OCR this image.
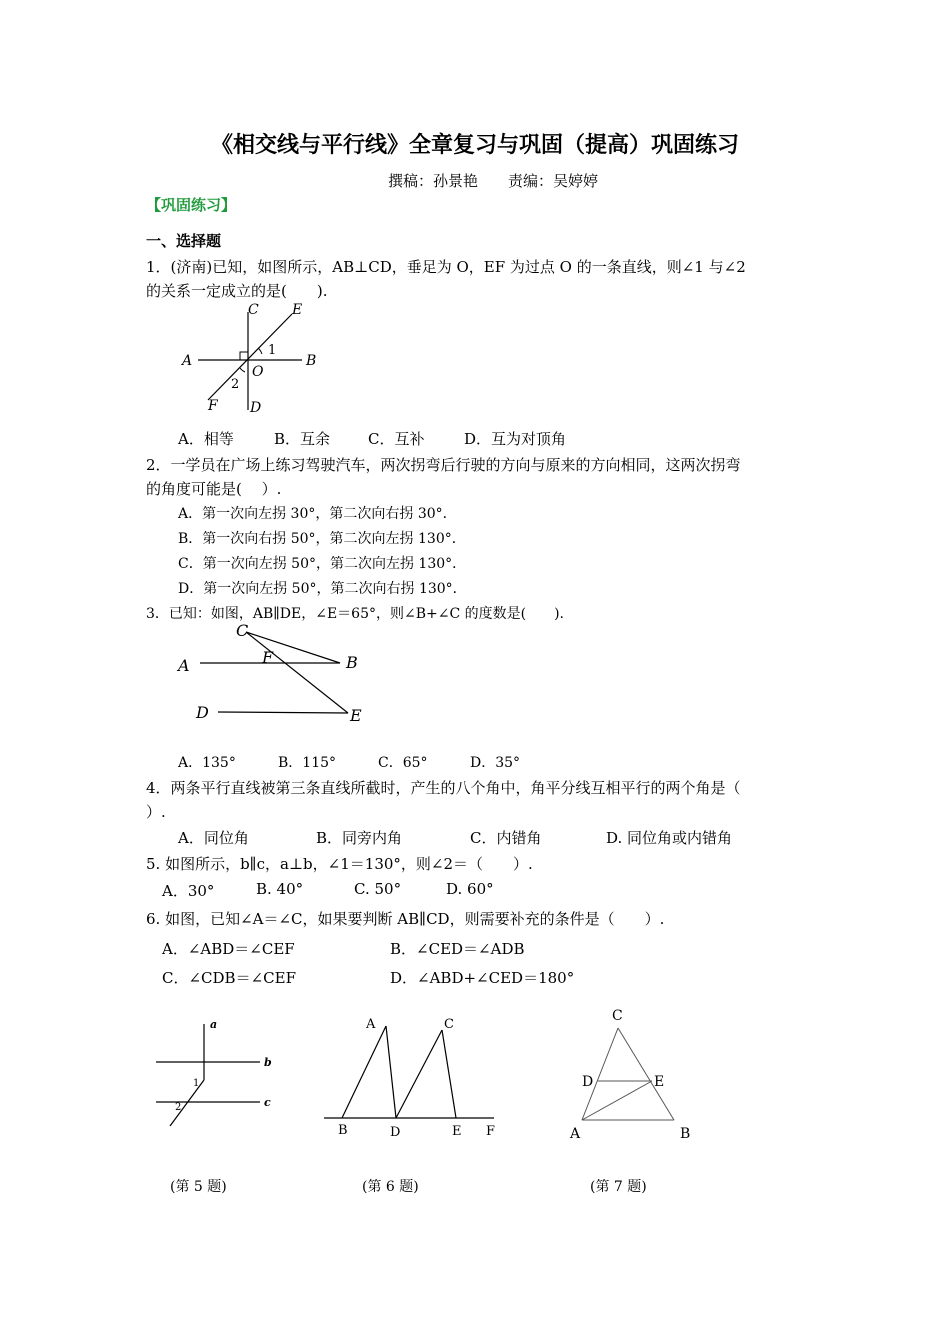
《相交线与平行线》全章复习与巩固（提高）巩固练习
撰稿：孙景艳　　责编：吴婷婷
【巩固练习】
一、选择题
1．(济南)已知，如图所示，AB⊥CD，垂足为 O，EF 为过点 O 的一条直线，则∠1 与∠2
的关系一定成立的是(　　).
C E
A	B
1
O
2
F D
A．相等	B．互余	C．互补	D．互为对顶角
2．一学员在广场上练习驾驶汽车，两次拐弯后行驶的方向与原来的方向相同，这两次拐弯
的角度可能是(　 ）.
A．第一次向左拐 30°，第二次向右拐 30°．
B．第一次向右拐 50°，第二次向左拐 130°．
C．第一次向左拐 50°，第二次向左拐 130°．
D．第一次向左拐 50°，第二次向右拐 130°．
3．已知：如图，AB∥DE，∠E＝65°，则∠B+∠C 的度数是(　　).
C
A	F	B
D	E
A．135°	B．115°	C．65°	D．35°
4．两条平行直线被第三条直线所截时，产生的八个角中，角平分线互相平行的两个角是（
）.
A．同位角	B．同旁内角	C．内错角	D. 同位角或内错角
5. 如图所示，b∥c，a⊥b，∠1＝130°，则∠2＝（　　）.
A．30°	B. 40°	C. 50°	D. 60°
6. 如图，已知∠A＝∠C，如果要判断 AB∥CD，则需要补充的条件是（　　）.
A．∠ABD＝∠CEF	B．∠CED＝∠ADB
C．∠CDB＝∠CEF	D．∠ABD+∠CED＝180°
a
b
c
1
2
A	C
B	D	E F
C
D	E
A	B
(第 5 题)	(第 6 题)	(第 7 题)
